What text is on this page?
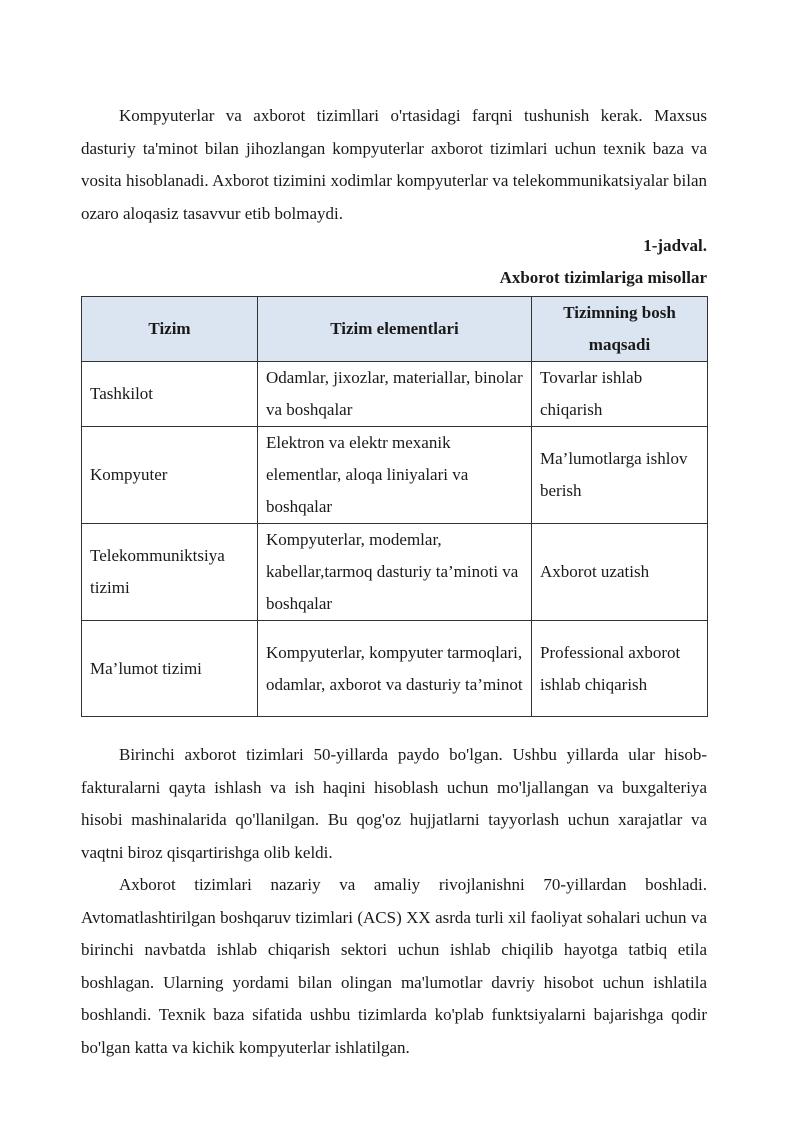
Kompyuterlar va axborot tizimllari o'rtasidagi farqni tushunish kerak. Maxsus dasturiy ta'minot bilan jihozlangan kompyuterlar axborot tizimlari uchun texnik baza va vosita hisoblanadi. Axborot tizimini xodimlar kompyuterlar va telekommunikatsiyalar bilan ozaro aloqasiz tasavvur etib bolmaydi.

1-jadval.

Axborot tizimlariga misollar

Tizim	Tizim elementlari	Tizimning bosh maqsadi
Tashkilot	Odamlar, jixozlar, materiallar, binolar va boshqalar	Tovarlar ishlab chiqarish
Kompyuter	Elektron va elektr mexanik elementlar, aloqa liniyalari va boshqalar	Ma’lumotlarga ishlov berish
Telekommuniktsiya tizimi	Kompyuterlar, modemlar, kabellar,tarmoq dasturiy ta’minoti va boshqalar	Axborot uzatish
Ma’lumot tizimi	Kompyuterlar, kompyuter tarmoqlari, odamlar, axborot va dasturiy ta’minot	Professional axborot ishlab chiqarish

Birinchi axborot tizimlari 50-yillarda paydo bo'lgan. Ushbu yillarda ular hisob-fakturalarni qayta ishlash va ish haqini hisoblash uchun mo'ljallangan va buxgalteriya hisobi mashinalarida qo'llanilgan. Bu qog'oz hujjatlarni tayyorlash uchun xarajatlar va vaqtni biroz qisqartirishga olib keldi.

Axborot tizimlari nazariy va amaliy rivojlanishni 70-yillardan boshladi. Avtomatlashtirilgan boshqaruv tizimlari (ACS) XX asrda turli xil faoliyat sohalari uchun va birinchi navbatda ishlab chiqarish sektori uchun ishlab chiqilib hayotga tatbiq etila boshlagan. Ularning yordami bilan olingan ma'lumotlar davriy hisobot uchun ishlatila boshlandi. Texnik baza sifatida ushbu tizimlarda ko'plab funktsiyalarni bajarishga qodir bo'lgan katta va kichik kompyuterlar ishlatilgan.
